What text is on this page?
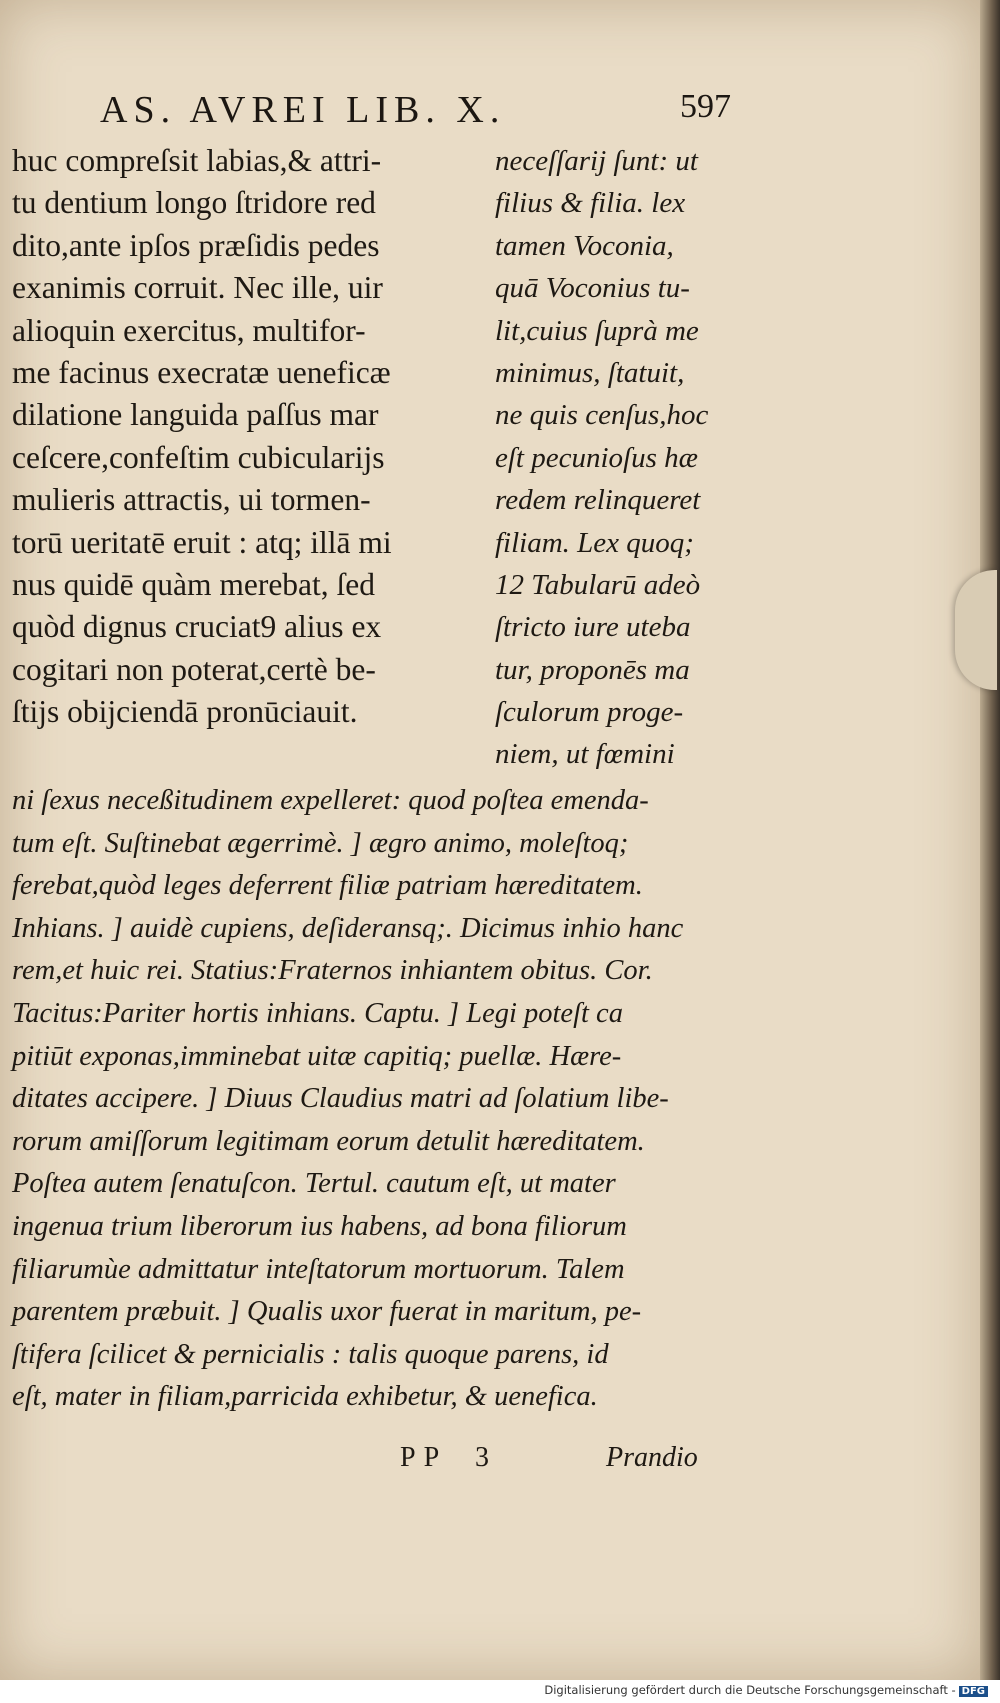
AS. AVREI LIB. X.	597
huc compreſsit labias,& attri-
tu dentium longo ſtridore red
dito,ante ipſos præſidis pedes
exanimis corruit. Nec ille, uir
alioquin exercitus, multifor-
me facinus execratæ ueneficæ
dilatione languida paſſus mar
ceſcere,confeſtim cubicularijs
mulieris attractis, ui tormen-
torū ueritatē eruit : atq; illā mi
nus quidē quàm merebat, ſed
quòd dignus cruciat9 alius ex
cogitari non poterat,certè be-
ſtijs obijciendā pronūciauit.
neceſſarij ſunt: ut
filius & filia. lex
tamen Voconia,
quā Voconius tu-
lit,cuius ſuprà me
minimus, ſtatuit,
ne quis cenſus,hoc
eſt pecunioſus hæ
redem relinqueret
filiam. Lex quoq;
12 Tabularū adeò
ſtricto iure uteba
tur, proponēs ma
ſculorum proge-
niem, ut fœmini
ni ſexus neceßitudinem expelleret: quod poſtea emenda-
tum eſt. Suſtinebat ægerrimè. ] ægro animo, moleſtoq;
ferebat,quòd leges deferrent filiæ patriam hæreditatem.
Inhians. ] auidè cupiens, deſideransq;. Dicimus inhio hanc
rem,et huic rei. Statius:Fraternos inhiantem obitus. Cor.
Tacitus:Pariter hortis inhians. Captu. ] Legi poteſt ca
pitiūt exponas,imminebat uitæ capitiq; puellæ. Hære-
ditates accipere. ] Diuus Claudius matri ad ſolatium libe-
rorum amiſſorum legitimam eorum detulit hæreditatem.
Poſtea autem ſenatuſcon. Tertul. cautum eſt, ut mater
ingenua trium liberorum ius habens, ad bona filiorum
filiarumùe admittatur inteſtatorum mortuorum. Talem
parentem præbuit. ] Qualis uxor fuerat in maritum, pe-
ſtifera ſcilicet & pernicialis : talis quoque parens, id
eſt, mater in filiam,parricida exhibetur, & uenefica.
PP 3	Prandio
Digitalisierung gefördert durch die Deutsche Forschungsgemeinschaft - DFG
